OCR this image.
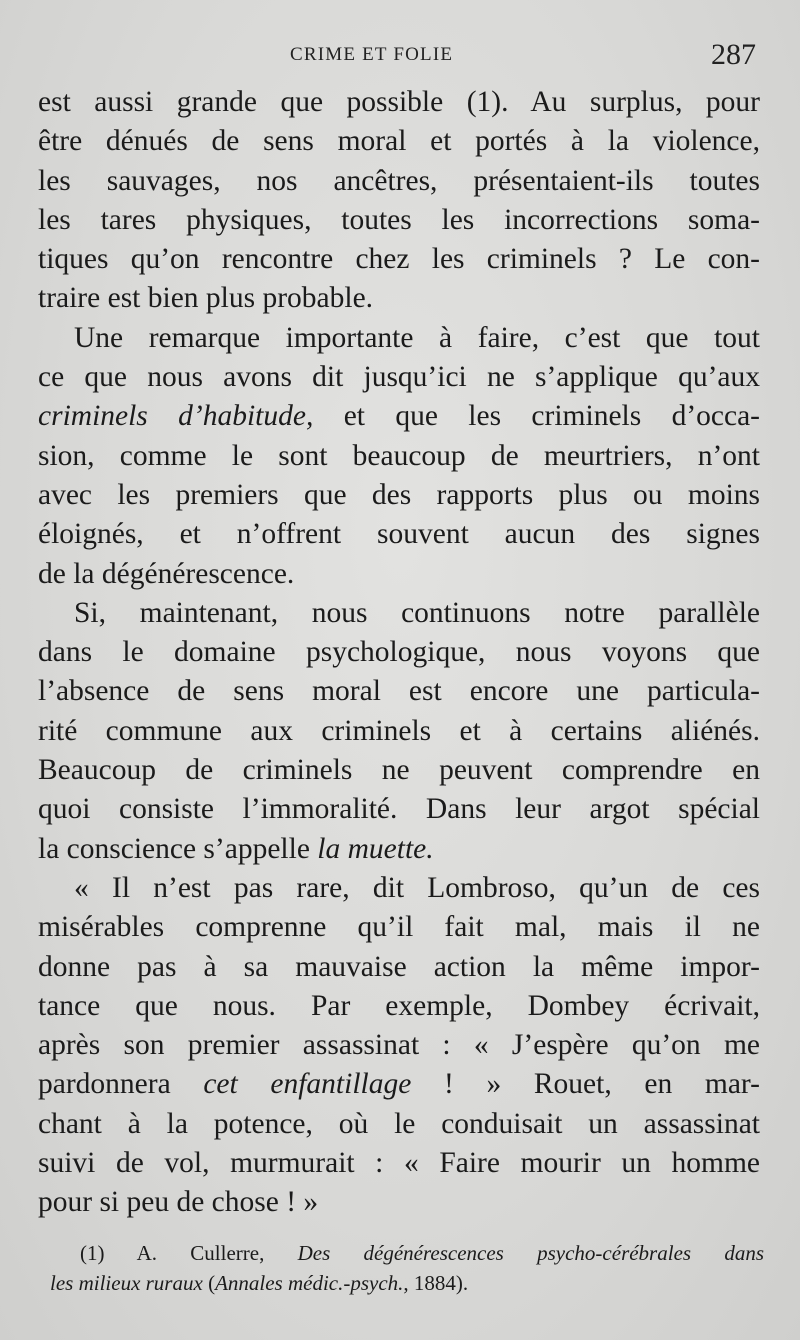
CRIME ET FOLIE	287
est aussi grande que possible (1). Au surplus, pour
être dénués de sens moral et portés à la violence,
les sauvages, nos ancêtres, présentaient-ils toutes
les tares physiques, toutes les incorrections soma-
tiques qu’on rencontre chez les criminels ? Le con-
traire est bien plus probable.
Une remarque importante à faire, c’est que tout
ce que nous avons dit jusqu’ici ne s’applique qu’aux
criminels d’habitude, et que les criminels d’occa-
sion, comme le sont beaucoup de meurtriers, n’ont
avec les premiers que des rapports plus ou moins
éloignés, et n’offrent souvent aucun des signes
de la dégénérescence.
Si, maintenant, nous continuons notre parallèle
dans le domaine psychologique, nous voyons que
l’absence de sens moral est encore une particula-
rité commune aux criminels et à certains aliénés.
Beaucoup de criminels ne peuvent comprendre en
quoi consiste l’immoralité. Dans leur argot spécial
la conscience s’appelle la muette.
« Il n’est pas rare, dit Lombroso, qu’un de ces
misérables comprenne qu’il fait mal, mais il ne
donne pas à sa mauvaise action la même impor-
tance que nous. Par exemple, Dombey écrivait,
après son premier assassinat : « J’espère qu’on me
pardonnera cet enfantillage ! » Rouet, en mar-
chant à la potence, où le conduisait un assassinat
suivi de vol, murmurait : « Faire mourir un homme
pour si peu de chose ! »
(1) A. Cullerre, Des dégénérescences psycho-cérébrales dans
les milieux ruraux (Annales médic.-psych., 1884).
